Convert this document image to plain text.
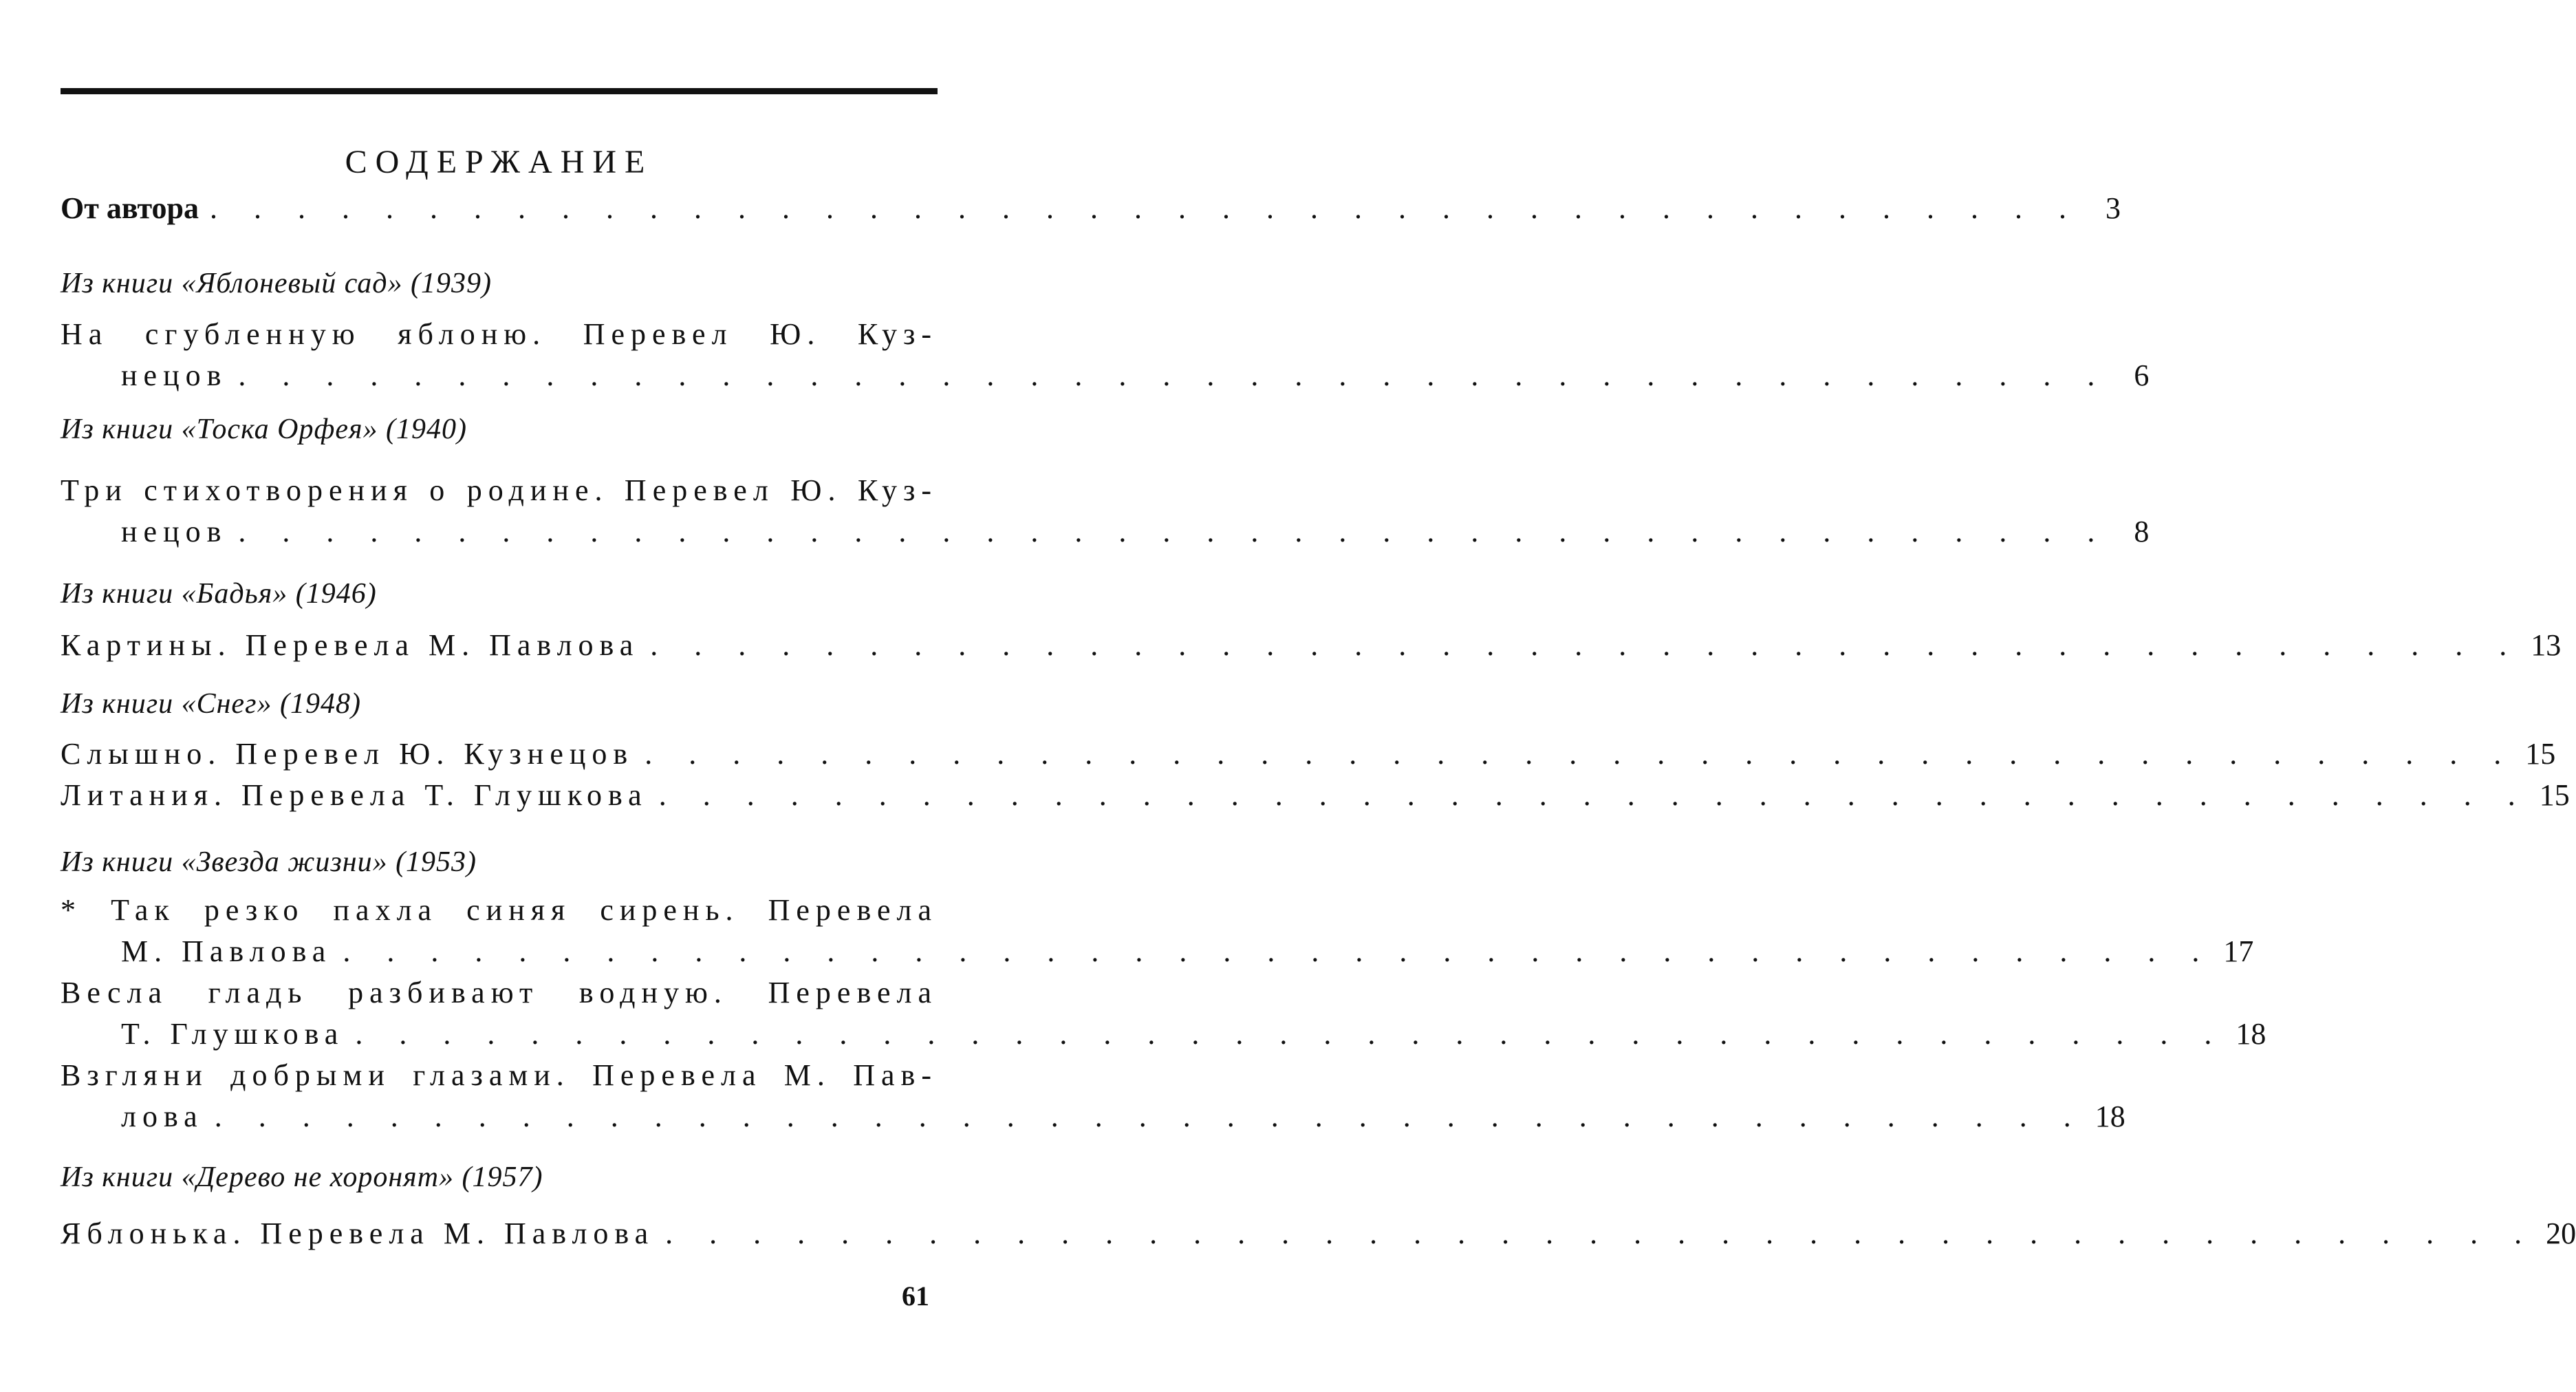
СОДЕРЖАНИЕ
От автора . . . . . . . . . . . . . . . . . . . . . . . . . . . . . . . . . . . . . . . . . . . 3
Из книги «Яблоневый сад» (1939)
На сгубленную яблоню. Перевел Ю. Куз-
нецов . . . . . . . . . . . . . . . . . . . . . . . . . . . . . . . . . . . . . . . . . . . 6
Из книги «Тоска Орфея» (1940)
Три стихотворения о родине. Перевел Ю. Куз-
нецов . . . . . . . . . . . . . . . . . . . . . . . . . . . . . . . . . . . . . . . . . . . 8
Из книги «Бадья» (1946)
Картины. Перевела М. Павлова . . . . . . . . . . . . . . . . . . . . . . . . . . . . . . . . . . . . . . . . . . . 13
Из книги «Снег» (1948)
Слышно. Перевел Ю. Кузнецов . . . . . . . . . . . . . . . . . . . . . . . . . . . . . . . . . . . . . . . . . . . 15
Литания. Перевела Т. Глушкова . . . . . . . . . . . . . . . . . . . . . . . . . . . . . . . . . . . . . . . . . . . 15
Из книги «Звезда жизни» (1953)
* Так резко пахла синяя сирень. Перевела
М. Павлова . . . . . . . . . . . . . . . . . . . . . . . . . . . . . . . . . . . . . . . . . . . 17
Весла гладь разбивают водную. Перевела
Т. Глушкова . . . . . . . . . . . . . . . . . . . . . . . . . . . . . . . . . . . . . . . . . . . 18
Взгляни добрыми глазами. Перевела М. Пав-
лова . . . . . . . . . . . . . . . . . . . . . . . . . . . . . . . . . . . . . . . . . . . 18
Из книги «Дерево не хоронят» (1957)
Яблонька. Перевела М. Павлова . . . . . . . . . . . . . . . . . . . . . . . . . . . . . . . . . . . . . . . . . . . 20
61
